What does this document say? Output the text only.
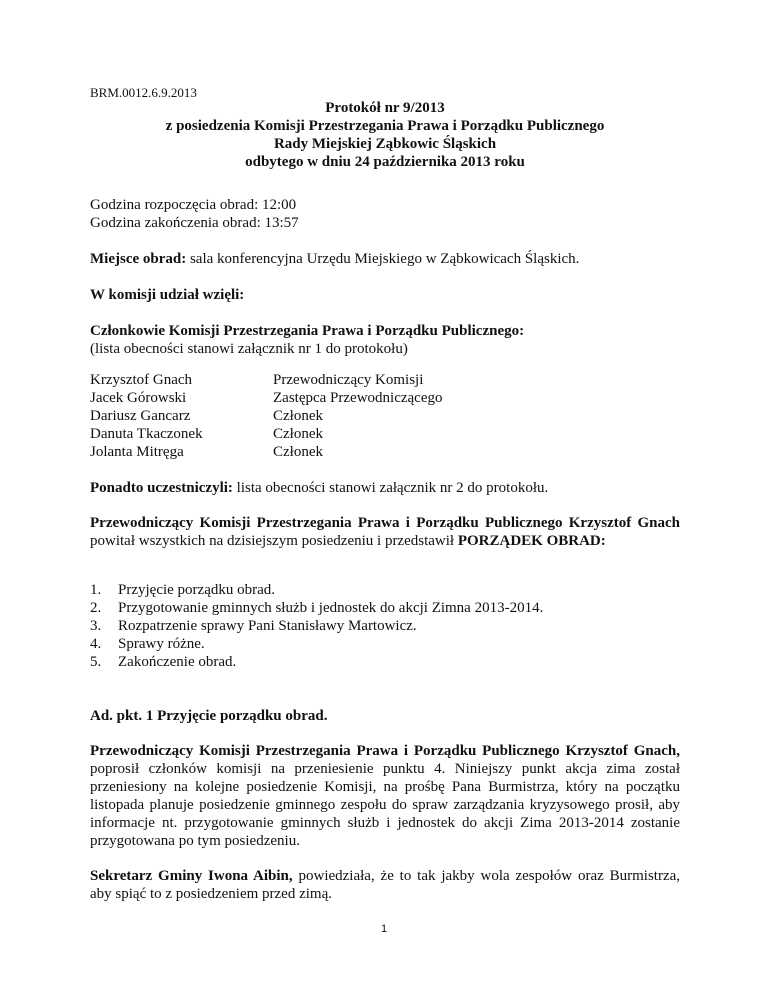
BRM.0012.6.9.2013
Protokół nr 9/2013
z posiedzenia Komisji Przestrzegania Prawa i Porządku Publicznego
Rady Miejskiej Ząbkowic Śląskich
odbytego w dniu 24 października 2013 roku
Godzina rozpoczęcia obrad: 12:00
Godzina zakończenia obrad: 13:57

Miejsce obrad: sala konferencyjna Urzędu Miejskiego w Ząbkowicach Śląskich.

W komisji udział wzięli:
Członkowie Komisji Przestrzegania Prawa i Porządku Publicznego:
(lista obecności stanowi załącznik nr 1 do protokołu)
Krzysztof Gnach	Przewodniczący Komisji
Jacek Górowski	Zastępca Przewodniczącego
Dariusz Gancarz	Członek
Danuta Tkaczonek	Członek
Jolanta Mitręga	Członek

Ponadto uczestniczyli: lista obecności stanowi załącznik nr 2 do protokołu.

Przewodniczący Komisji Przestrzegania Prawa i Porządku Publicznego Krzysztof Gnach powitał wszystkich na dzisiejszym posiedzeniu i przedstawił PORZĄDEK OBRAD:

1.	Przyjęcie porządku obrad.
2.	Przygotowanie gminnych służb i jednostek do akcji Zimna 2013-2014.
3.	Rozpatrzenie sprawy Pani Stanisławy Martowicz.
4.	Sprawy różne.
5.	Zakończenie obrad.
Ad. pkt. 1 Przyjęcie porządku obrad.

Przewodniczący Komisji Przestrzegania Prawa i Porządku Publicznego Krzysztof Gnach, poprosił członków komisji na przeniesienie punktu 4. Niniejszy punkt akcja zima został przeniesiony na kolejne posiedzenie Komisji, na prośbę Pana Burmistrza, który na początku listopada planuje posiedzenie gminnego zespołu do spraw zarządzania kryzysowego prosił, aby informacje nt. przygotowanie gminnych służb i jednostek do akcji Zima 2013-2014 zostanie przygotowana po tym posiedzeniu.

Sekretarz Gminy Iwona Aibin, powiedziała, że to tak jakby wola zespołów oraz Burmistrza, aby spiąć to z posiedzeniem przed zimą.

1
